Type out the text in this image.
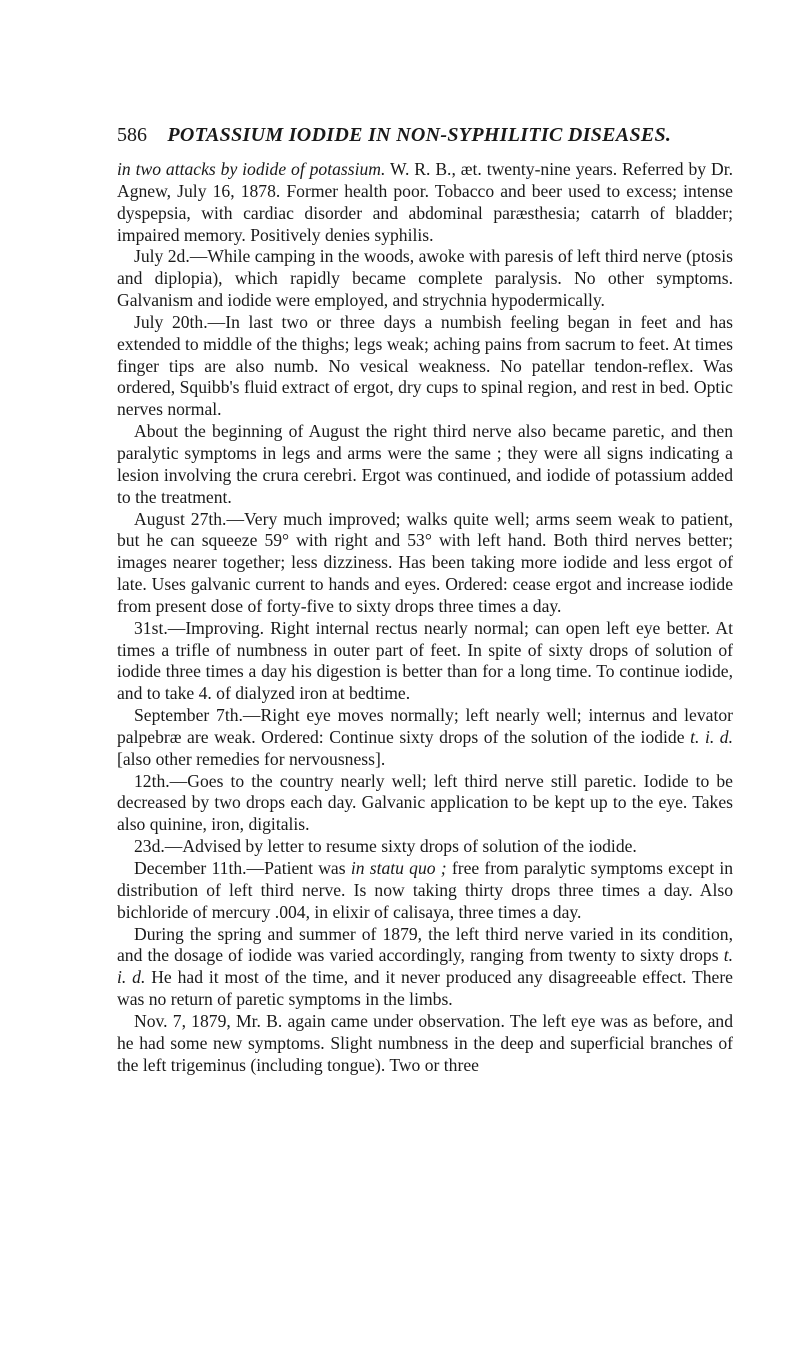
586 POTASSIUM IODIDE IN NON-SYPHILITIC DISEASES.

in two attacks by iodide of potassium. W. R. B., æt. twenty-nine years. Referred by Dr. Agnew, July 16, 1878. Former health poor. Tobacco and beer used to excess; intense dyspepsia, with cardiac disorder and abdominal paræsthesia; catarrh of bladder; impaired memory. Positively denies syphilis.

July 2d.—While camping in the woods, awoke with paresis of left third nerve (ptosis and diplopia), which rapidly became complete paralysis. No other symptoms. Galvanism and iodide were employed, and strychnia hypodermically.

July 20th.—In last two or three days a numbish feeling began in feet and has extended to middle of the thighs; legs weak; aching pains from sacrum to feet. At times finger tips are also numb. No vesical weakness. No patellar tendon-reflex. Was ordered, Squibb's fluid extract of ergot, dry cups to spinal region, and rest in bed. Optic nerves normal.

About the beginning of August the right third nerve also became paretic, and then paralytic symptoms in legs and arms were the same ; they were all signs indicating a lesion involving the crura cerebri. Ergot was continued, and iodide of potassium added to the treatment.

August 27th.—Very much improved; walks quite well; arms seem weak to patient, but he can squeeze 59° with right and 53° with left hand. Both third nerves better; images nearer together; less dizziness. Has been taking more iodide and less ergot of late. Uses galvanic current to hands and eyes. Ordered: cease ergot and increase iodide from present dose of forty-five to sixty drops three times a day.

31st.—Improving. Right internal rectus nearly normal; can open left eye better. At times a trifle of numbness in outer part of feet. In spite of sixty drops of solution of iodide three times a day his digestion is better than for a long time. To continue iodide, and to take 4. of dialyzed iron at bedtime.

September 7th.—Right eye moves normally; left nearly well; internus and levator palpebræ are weak. Ordered: Continue sixty drops of the solution of the iodide t. i. d. [also other remedies for nervousness].

12th.—Goes to the country nearly well; left third nerve still paretic. Iodide to be decreased by two drops each day. Galvanic application to be kept up to the eye. Takes also quinine, iron, digitalis.

23d.—Advised by letter to resume sixty drops of solution of the iodide.

December 11th.—Patient was in statu quo ; free from paralytic symptoms except in distribution of left third nerve. Is now taking thirty drops three times a day. Also bichloride of mercury .004, in elixir of calisaya, three times a day.

During the spring and summer of 1879, the left third nerve varied in its condition, and the dosage of iodide was varied accordingly, ranging from twenty to sixty drops t. i. d. He had it most of the time, and it never produced any disagreeable effect. There was no return of paretic symptoms in the limbs.

Nov. 7, 1879, Mr. B. again came under observation. The left eye was as before, and he had some new symptoms. Slight numbness in the deep and superficial branches of the left trigeminus (including tongue). Two or three
